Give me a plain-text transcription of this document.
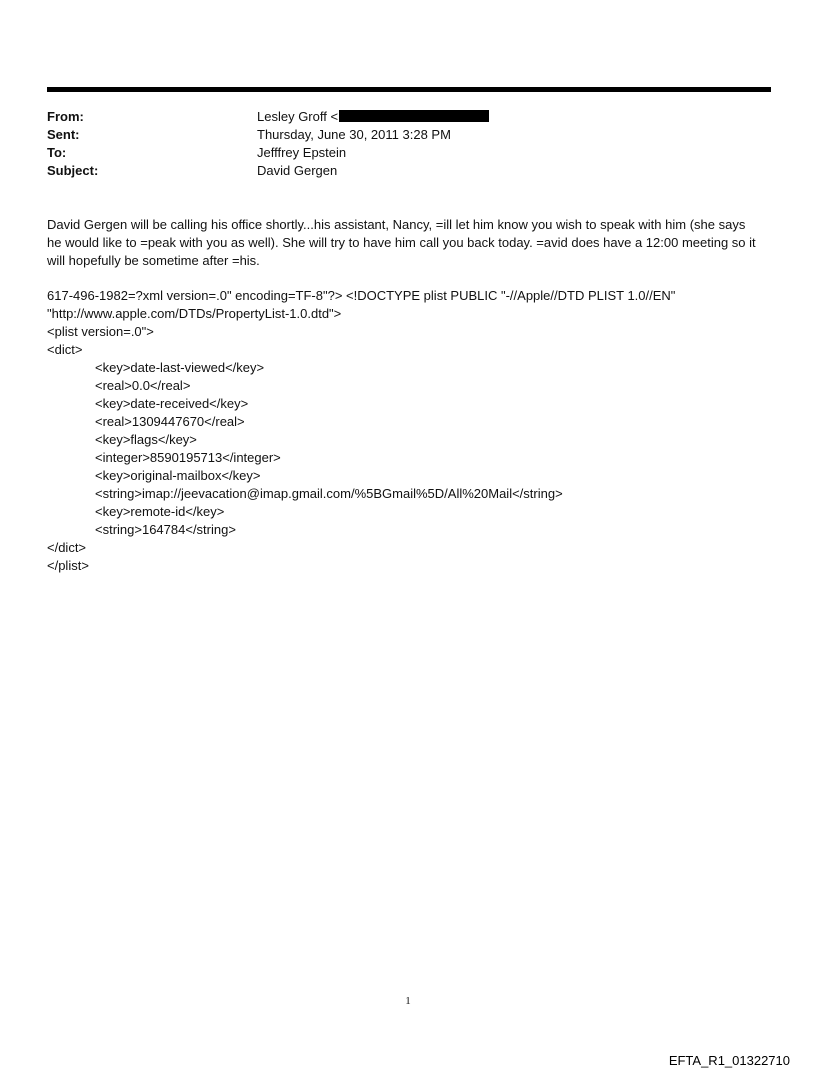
From:	Lesley Groff <
Sent:	Thursday, June 30, 2011 3:28 PM
To:	Jefffrey Epstein
Subject:	David Gergen

David Gergen will be calling his office shortly...his assistant, Nancy, =ill let him know you wish to speak with him (she says he would like to =peak with you as well). She will try to have him call you back today. =avid does have a 12:00 meeting so it will hopefully be sometime after =his.

617-496-1982=?xml version=.0" encoding=TF-8"?> <!DOCTYPE plist PUBLIC "-//Apple//DTD PLIST 1.0//EN"
"http://www.apple.com/DTDs/PropertyList-1.0.dtd">
<plist version=.0">
<dict>
<key>date-last-viewed</key>
<real>0.0</real>
<key>date-received</key>
<real>1309447670</real>
<key>flags</key>
<integer>8590195713</integer>
<key>original-mailbox</key>
<string>imap://jeevacation@imap.gmail.com/%5BGmail%5D/All%20Mail</string>
<key>remote-id</key>
<string>164784</string>
</dict>
</plist>
1
EFTA_R1_01322710
